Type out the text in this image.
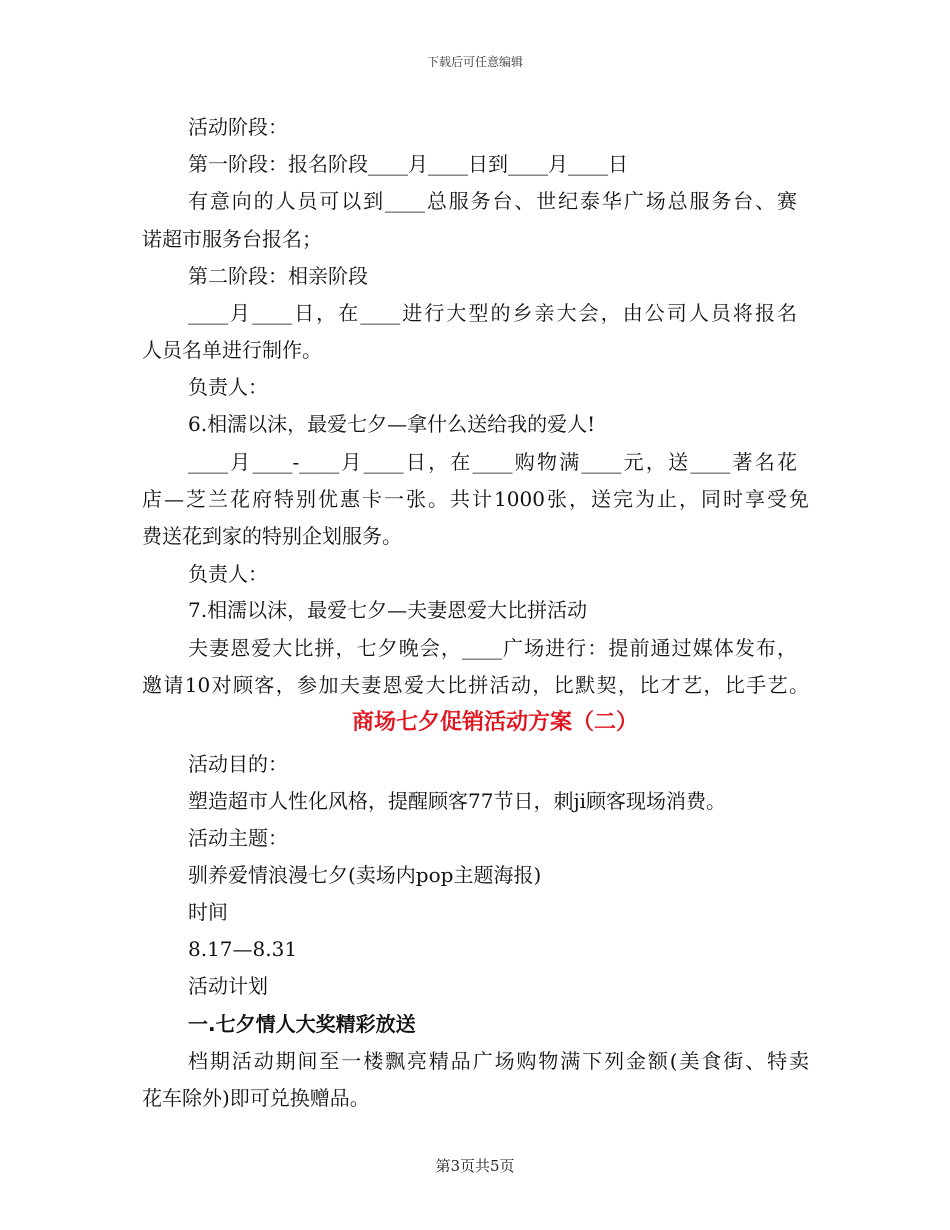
下载后可任意编辑
活动阶段：
第一阶段：报名阶段____月____日到____月____日
有意向的人员可以到____总服务台、世纪泰华广场总服务台、赛
诺超市服务台报名；
第二阶段：相亲阶段
____月____日，在____进行大型的乡亲大会，由公司人员将报名
人员名单进行制作。
负责人：
6.相濡以沫，最爱七夕—拿什么送给我的爱人!
____月____-____月____日，在____购物满____元，送____著名花
店—芝兰花府特别优惠卡一张。共计1000张，送完为止，同时享受免
费送花到家的特别企划服务。
负责人：
7.相濡以沫，最爱七夕—夫妻恩爱大比拼活动
夫妻恩爱大比拼，七夕晚会，____广场进行：提前通过媒体发布，
邀请10对顾客，参加夫妻恩爱大比拼活动，比默契，比才艺，比手艺。
商场七夕促销活动方案（二）
活动目的：
塑造超市人性化风格，提醒顾客77节日，刺ji顾客现场消费。
活动主题：
驯养爱情浪漫七夕(卖场内pop主题海报)
时间
8.17—8.31
活动计划
一.七夕情人大奖精彩放送
档期活动期间至一楼飘亮精品广场购物满下列金额(美食街、特卖
花车除外)即可兑换赠品。
第3页共5页
